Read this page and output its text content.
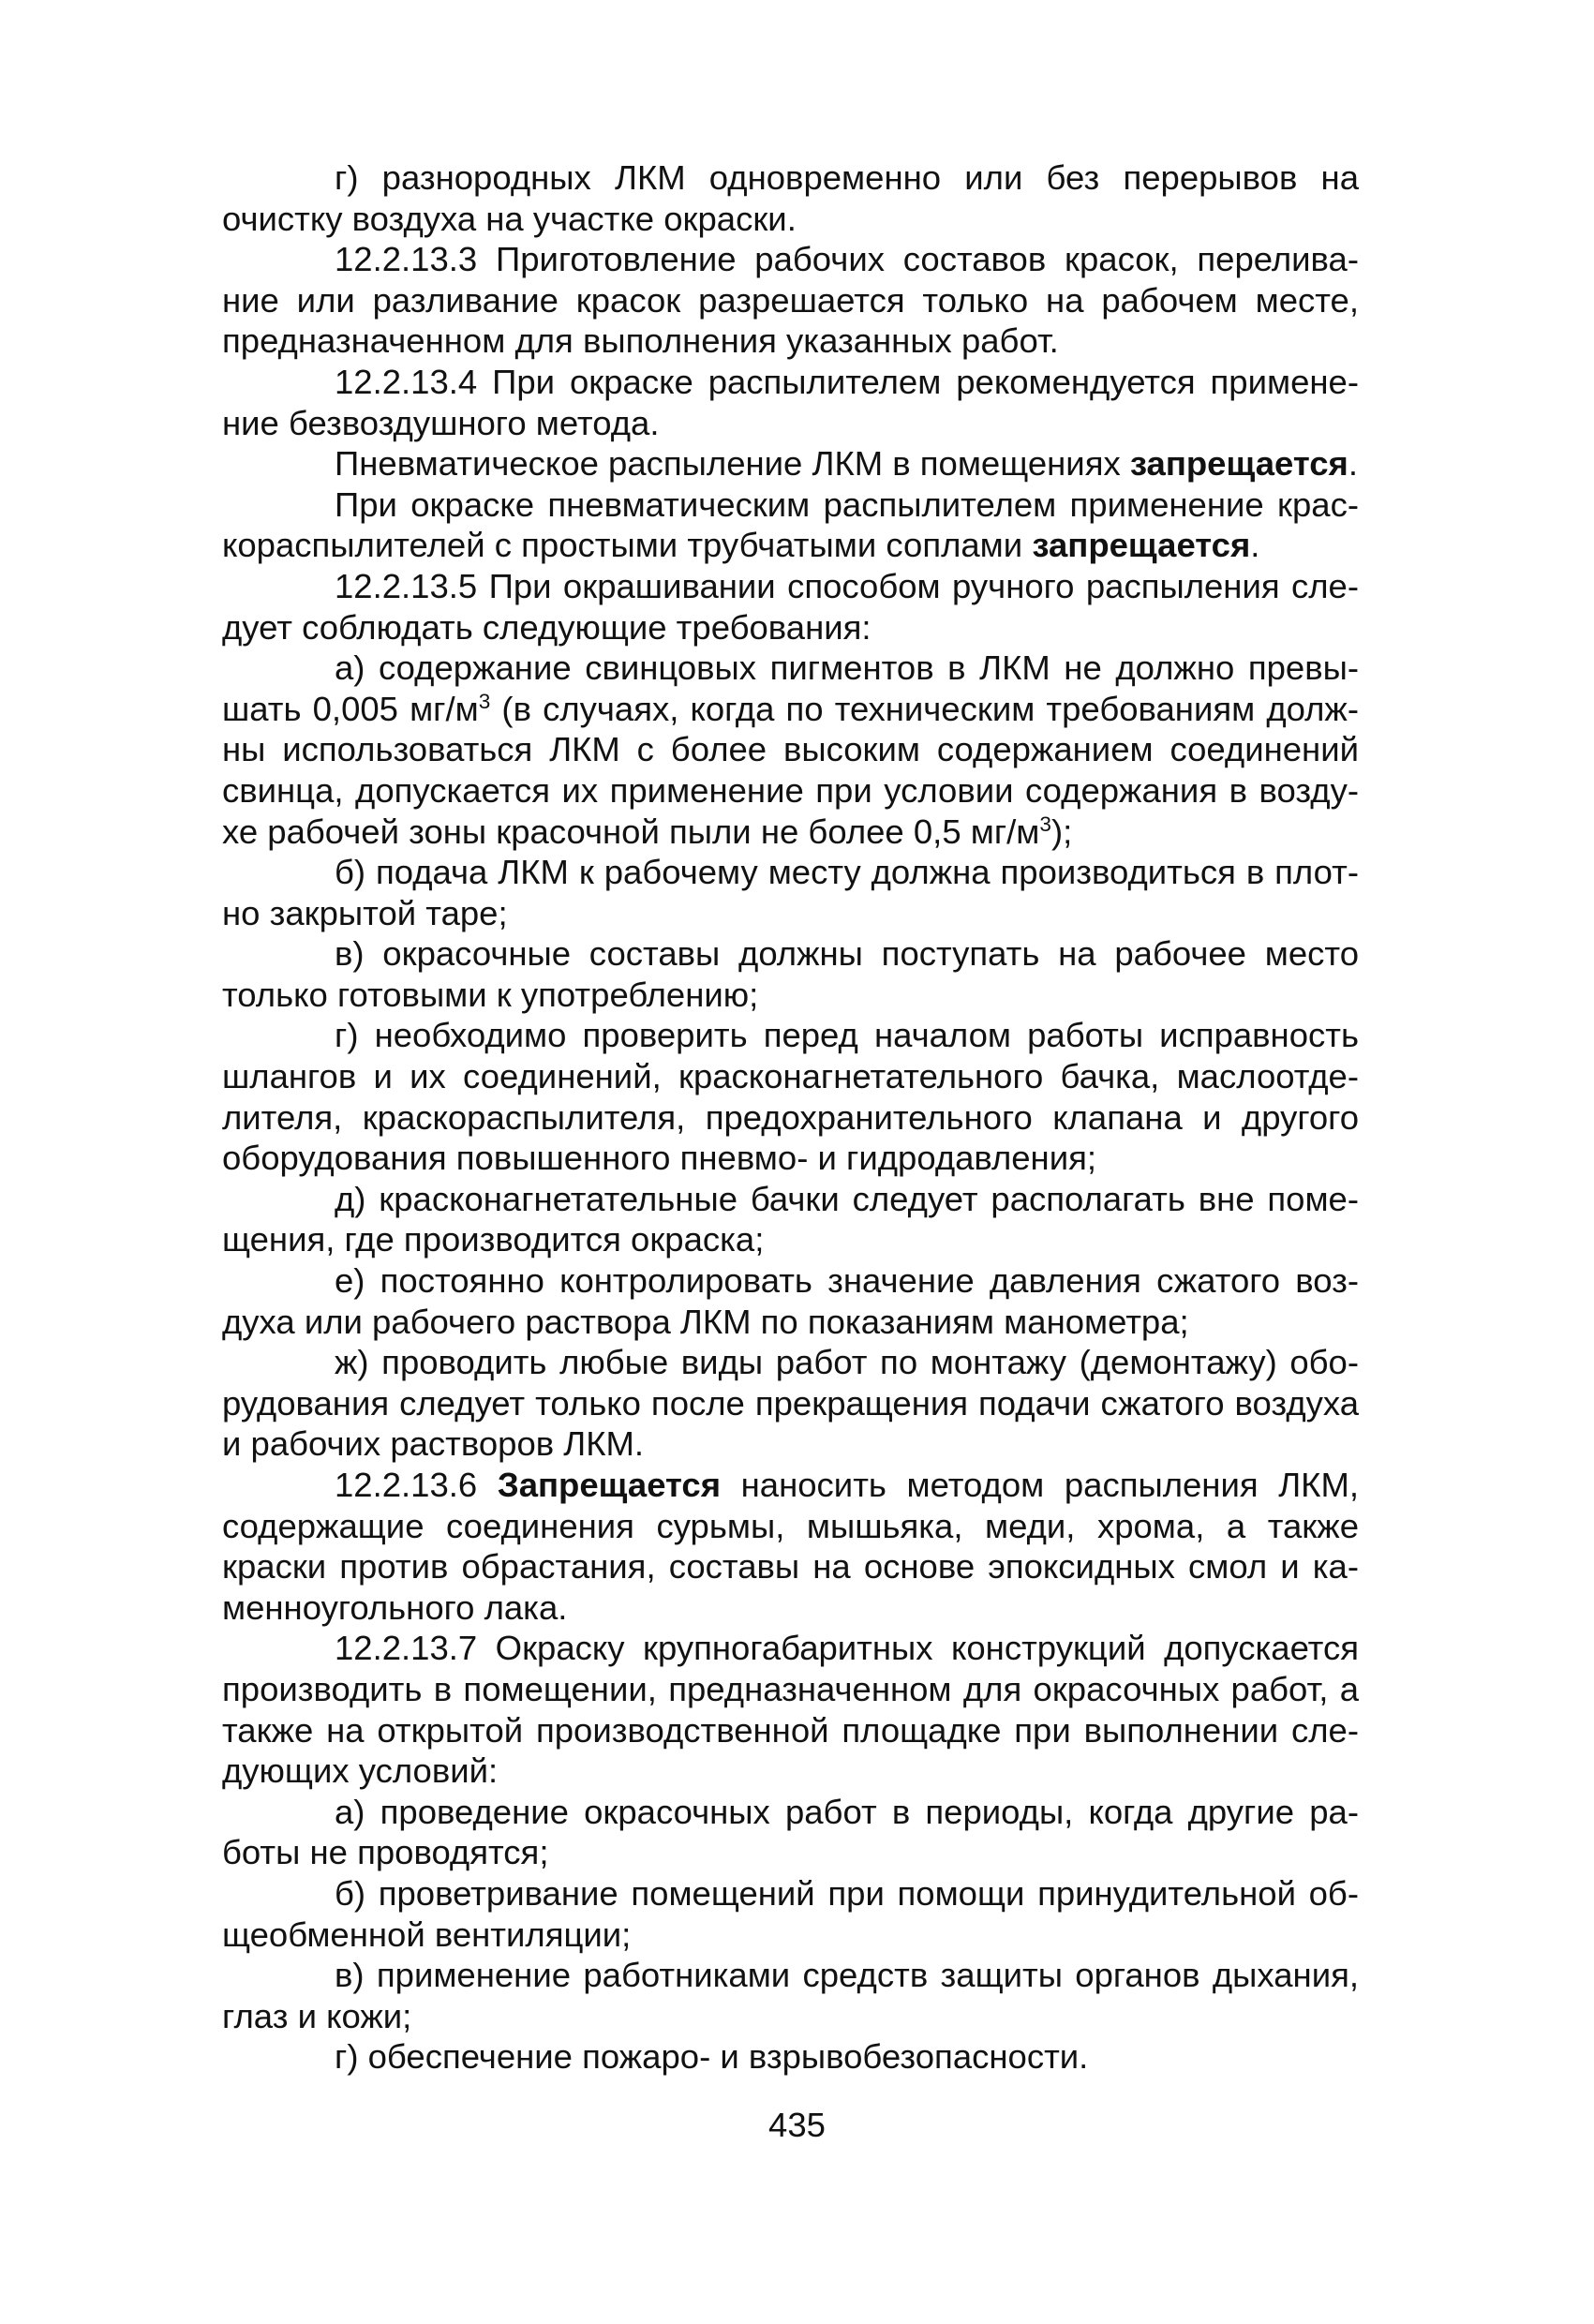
г) разнородных ЛКМ одновременно или без перерывов на очистку воздуха на участке окраски.

12.2.13.3 Приготовление рабочих составов красок, переливание или разливание красок разрешается только на рабочем месте, предназначенном для выполнения указанных работ.

12.2.13.4 При окраске распылителем рекомендуется применение безвоздушного метода.

Пневматическое распыление ЛКМ в помещениях запрещается.

При окраске пневматическим распылителем применение краскораспылителей с простыми трубчатыми соплами запрещается.

12.2.13.5 При окрашивании способом ручного распыления следует соблюдать следующие требования:

а) содержание свинцовых пигментов в ЛКМ не должно превышать 0,005 $мг/м^3$ (в случаях, когда по техническим требованиям должны использоваться ЛКМ с более высоким содержанием соединений свинца, допускается их применение при условии содержания в воздухе рабочей зоны красочной пыли не более 0,5 $мг/м^3$);

б) подача ЛКМ к рабочему месту должна производиться в плотно закрытой таре;

в) окрасочные составы должны поступать на рабочее место только готовыми к употреблению;

г) необходимо проверить перед началом работы исправность шлангов и их соединений, красконагнетательного бачка, маслоотделителя, краскораспылителя, предохранительного клапана и другого оборудования повышенного пневмо- и гидродавления;

д) красконагнетательные бачки следует располагать вне помещения, где производится окраска;

е) постоянно контролировать значение давления сжатого воздуха или рабочего раствора ЛКМ по показаниям манометра;

ж) проводить любые виды работ по монтажу (демонтажу) оборудования следует только после прекращения подачи сжатого воздуха и рабочих растворов ЛКМ.

12.2.13.6 Запрещается наносить методом распыления ЛКМ, содержащие соединения сурьмы, мышьяка, меди, хрома, а также краски против обрастания, составы на основе эпоксидных смол и каменноугольного лака.

12.2.13.7 Окраску крупногабаритных конструкций допускается производить в помещении, предназначенном для окрасочных работ, а также на открытой производственной площадке при выполнении следующих условий:

а) проведение окрасочных работ в периоды, когда другие работы не проводятся;

б) проветривание помещений при помощи принудительной общеобменной вентиляции;

в) применение работниками средств защиты органов дыхания, глаз и кожи;

г) обеспечение пожаро- и взрывобезопасности.

435
